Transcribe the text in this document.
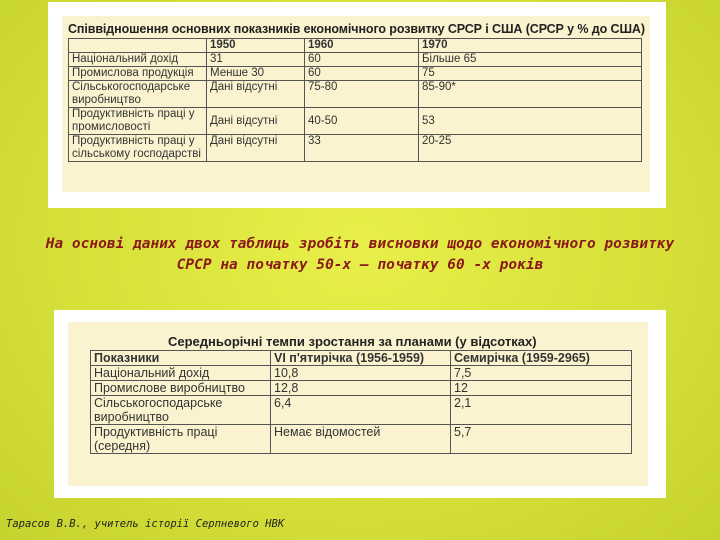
Співвідношення основних показників економічного розвитку СРСР і США (СРСР у % до США)
	1950	1960	1970
Національний дохід	31	60	Більше 65
Промислова продукція	Менше 30	60	75
Сільськогосподарське виробництво	Дані відсутні	75-80	85-90*
Продуктивність праці у промисловості	Дані відсутні	40-50	53
Продуктивність праці у сільському господарстві	Дані відсутні	33	20-25
На основі даних двох таблиць зробіть висновки щодо економічного розвитку СРСР на початку 50-х – початку 60 -х років
Середньорічні темпи зростання за планами (у відсотках)
Показники	VI п'ятирічка (1956-1959)	Семирічка (1959-2965)
Національний дохід	10,8	7,5
Промислове виробництво	12,8	12
Сільськогосподарське виробництво	6,4	2,1
Продуктивність праці (середня)	Немає відомостей	5,7
Тарасов В.В., учитель історії Серпневого НВК
